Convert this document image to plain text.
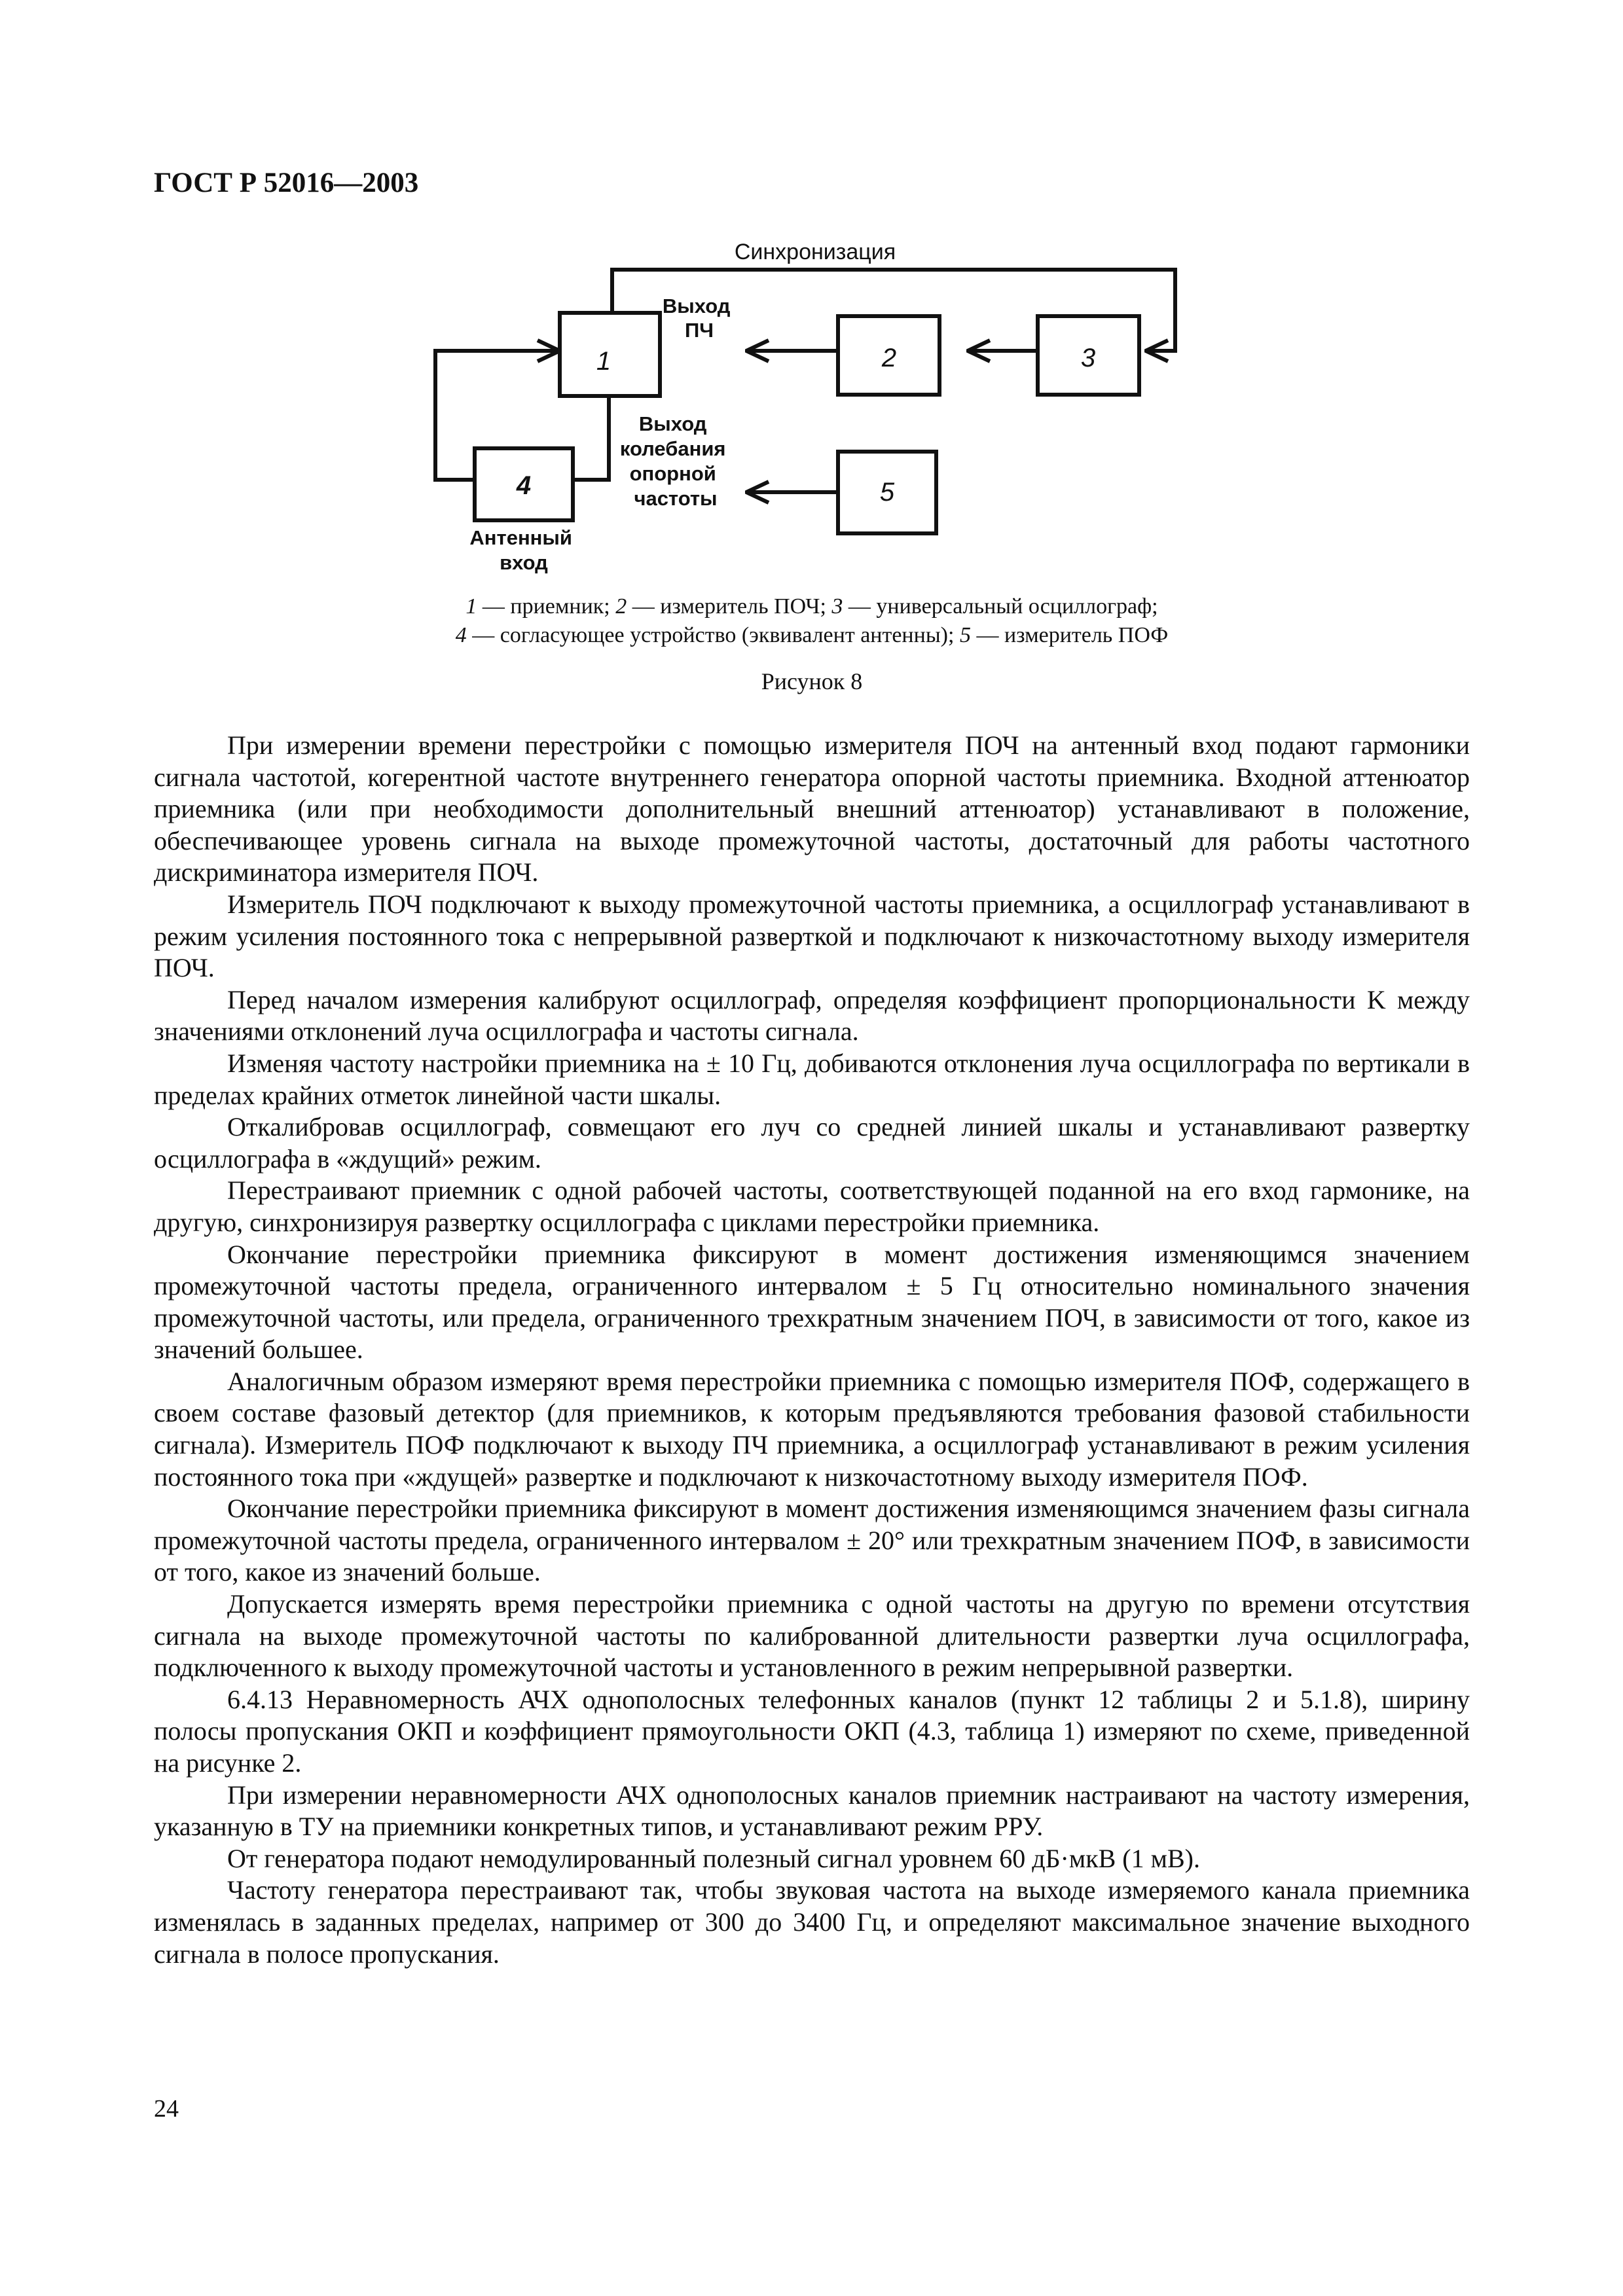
ГОСТ Р 52016—2003
Синхронизация
1	2	3
4	5
Выход ПЧ
Выход колебания опорной частоты
Антенный вход
1 — приемник; 2 — измеритель ПОЧ; 3 — универсальный осциллограф;
4 — согласующее устройство (эквивалент антенны); 5 — измеритель ПОФ
Рисунок 8

При измерении времени перестройки с помощью измерителя ПОЧ на антенный вход подают гармоники сигнала частотой, когерентной частоте внутреннего генератора опорной частоты приемника. Входной аттенюатор приемника (или при необходимости дополнительный внешний аттенюатор) устанавливают в положение, обеспечивающее уровень сигнала на выходе промежуточной частоты, достаточный для работы частотного дискриминатора измерителя ПОЧ.

Измеритель ПОЧ подключают к выходу промежуточной частоты приемника, а осциллограф устанавливают в режим усиления постоянного тока с непрерывной разверткой и подключают к низкочастотному выходу измерителя ПОЧ.

Перед началом измерения калибруют осциллограф, определяя коэффициент пропорциональности K между значениями отклонений луча осциллографа и частоты сигнала.

Изменяя частоту настройки приемника на ± 10 Гц, добиваются отклонения луча осциллографа по вертикали в пределах крайних отметок линейной части шкалы.

Откалибровав осциллограф, совмещают его луч со средней линией шкалы и устанавливают развертку осциллографа в «ждущий» режим.

Перестраивают приемник с одной рабочей частоты, соответствующей поданной на его вход гармонике, на другую, синхронизируя развертку осциллографа с циклами перестройки приемника.

Окончание перестройки приемника фиксируют в момент достижения изменяющимся значением промежуточной частоты предела, ограниченного интервалом ± 5 Гц относительно номинального значения промежуточной частоты, или предела, ограниченного трехкратным значением ПОЧ, в зависимости от того, какое из значений большее.

Аналогичным образом измеряют время перестройки приемника с помощью измерителя ПОФ, содержащего в своем составе фазовый детектор (для приемников, к которым предъявляются требования фазовой стабильности сигнала). Измеритель ПОФ подключают к выходу ПЧ приемника, а осциллограф устанавливают в режим усиления постоянного тока при «ждущей» развертке и подключают к низкочастотному выходу измерителя ПОФ.

Окончание перестройки приемника фиксируют в момент достижения изменяющимся значением фазы сигнала промежуточной частоты предела, ограниченного интервалом ± 20° или трехкратным значением ПОФ, в зависимости от того, какое из значений больше.

Допускается измерять время перестройки приемника с одной частоты на другую по времени отсутствия сигнала на выходе промежуточной частоты по калиброванной длительности развертки луча осциллографа, подключенного к выходу промежуточной частоты и установленного в режим непрерывной развертки.

6.4.13 Неравномерность АЧХ однополосных телефонных каналов (пункт 12 таблицы 2 и 5.1.8), ширину полосы пропускания ОКП и коэффициент прямоугольности ОКП (4.3, таблица 1) измеряют по схеме, приведенной на рисунке 2.

При измерении неравномерности АЧХ однополосных каналов приемник настраивают на частоту измерения, указанную в ТУ на приемники конкретных типов, и устанавливают режим РРУ.

От генератора подают немодулированный полезный сигнал уровнем 60 дБ·мкВ (1 мВ).

Частоту генератора перестраивают так, чтобы звуковая частота на выходе измеряемого канала приемника изменялась в заданных пределах, например от 300 до 3400 Гц, и определяют максимальное значение выходного сигнала в полосе пропускания.

24
